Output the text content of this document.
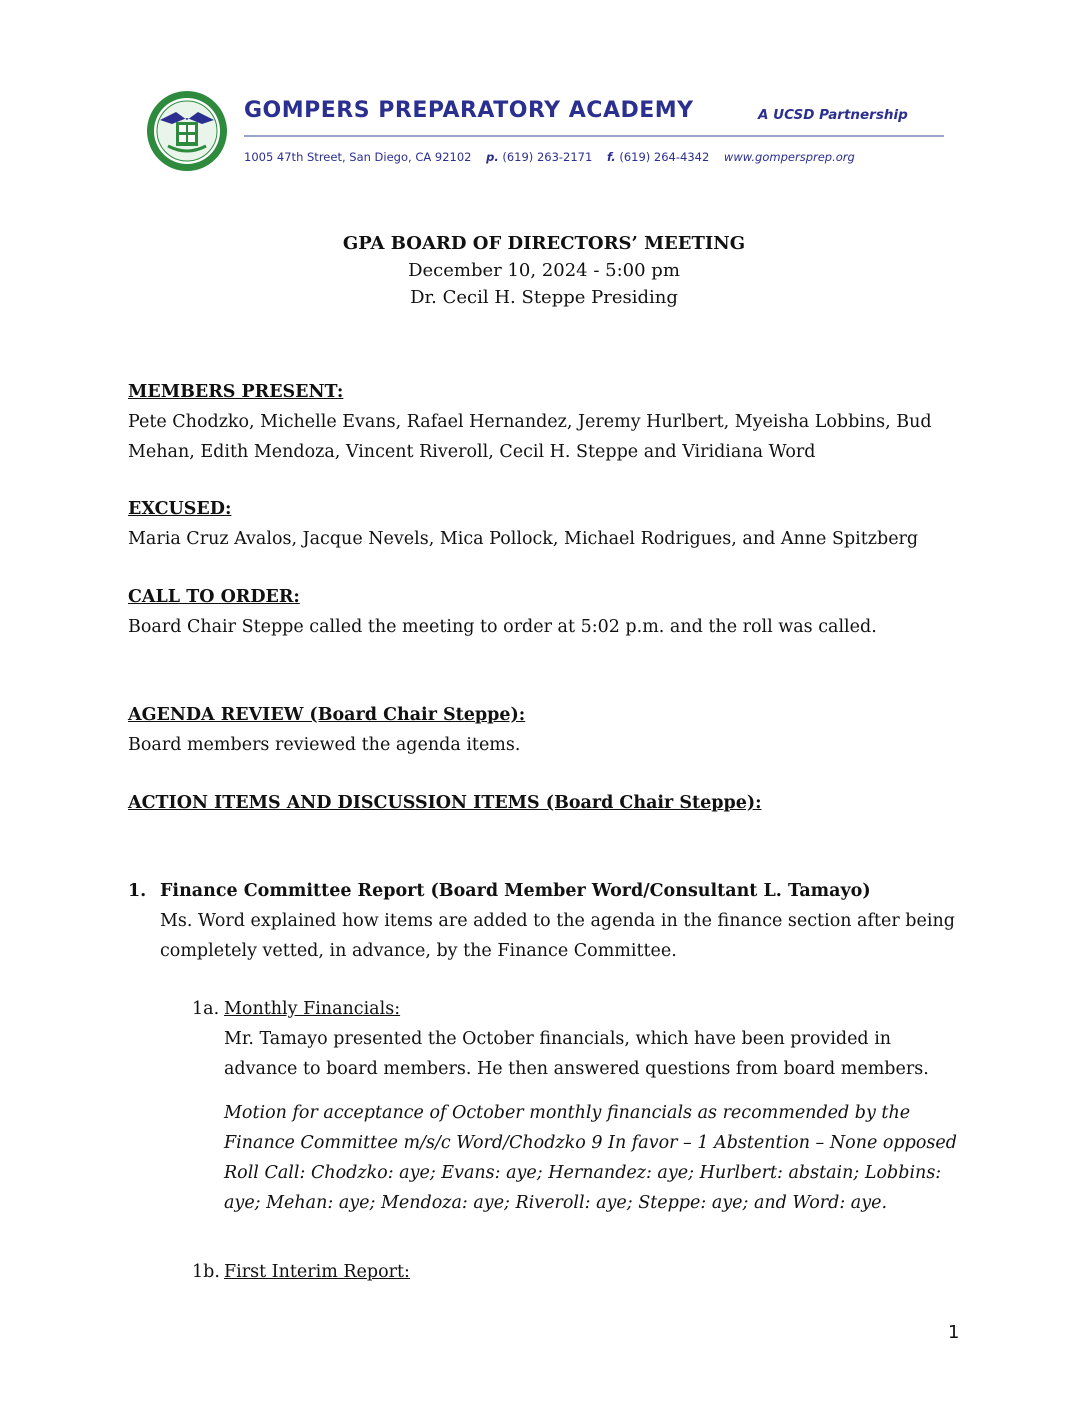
GOMPERS PREPARATORY ACADEMY	A UCSD Partnership
1005 47th Street, San Diego, CA 92102 p. (619) 263-2171 f. (619) 264-4342 www.gompersprep.org
GPA BOARD OF DIRECTORS’ MEETING
December 10, 2024 - 5:00 pm
Dr. Cecil H. Steppe Presiding
MEMBERS PRESENT:
Pete Chodzko, Michelle Evans, Rafael Hernandez, Jeremy Hurlbert, Myeisha Lobbins, Bud Mehan, Edith Mendoza, Vincent Riveroll, Cecil H. Steppe and Viridiana Word
EXCUSED:
Maria Cruz Avalos, Jacque Nevels, Mica Pollock, Michael Rodrigues, and Anne Spitzberg
CALL TO ORDER:
Board Chair Steppe called the meeting to order at 5:02 p.m. and the roll was called.
AGENDA REVIEW (Board Chair Steppe):
Board members reviewed the agenda items.
ACTION ITEMS AND DISCUSSION ITEMS (Board Chair Steppe):
1. Finance Committee Report (Board Member Word/Consultant L. Tamayo)
Ms. Word explained how items are added to the agenda in the finance section after being completely vetted, in advance, by the Finance Committee.
1a. Monthly Financials:
Mr. Tamayo presented the October financials, which have been provided in advance to board members. He then answered questions from board members.
Motion for acceptance of October monthly financials as recommended by the Finance Committee m/s/c Word/Chodzko 9 In favor – 1 Abstention – None opposed Roll Call: Chodzko: aye; Evans: aye; Hernandez: aye; Hurlbert: abstain; Lobbins: aye; Mehan: aye; Mendoza: aye; Riveroll: aye; Steppe: aye; and Word: aye.
1b. First Interim Report:
1
